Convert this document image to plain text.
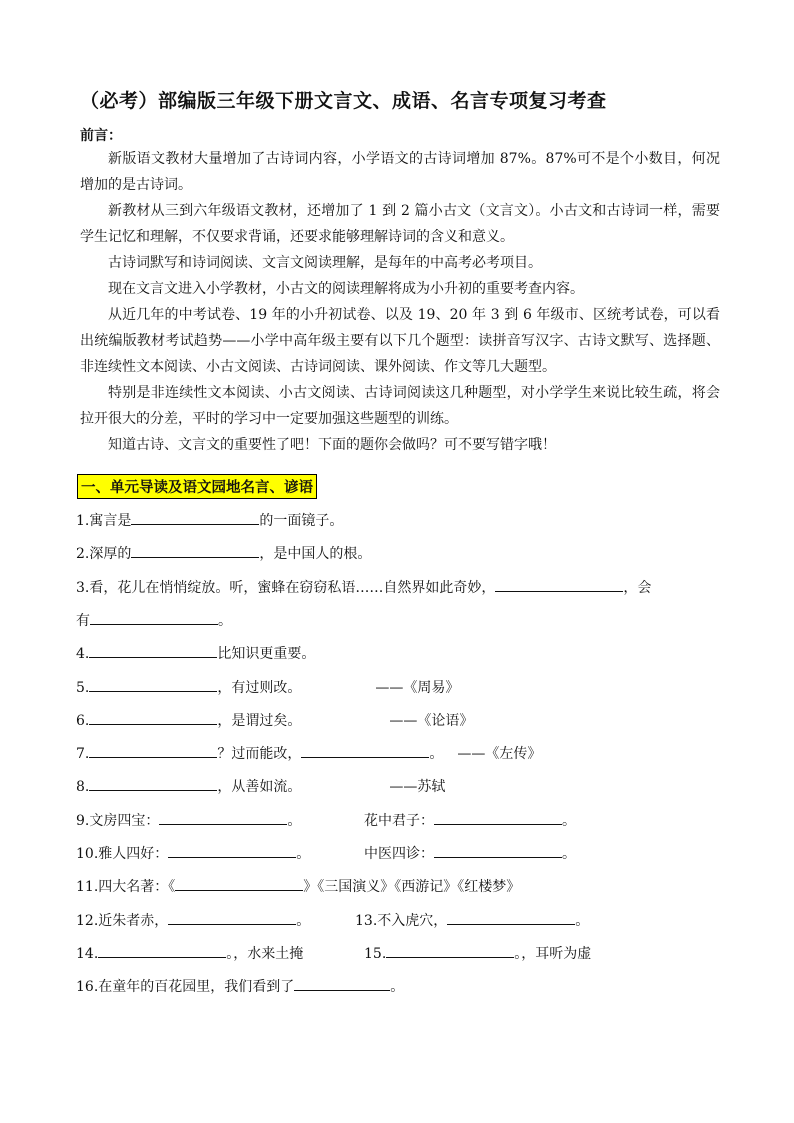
（必考）部编版三年级下册文言文、成语、名言专项复习考查
前言：

新版语文教材大量增加了古诗词内容，小学语文的古诗词增加 87%。87%可不是个小数目，何况增加的是古诗词。

新教材从三到六年级语文教材，还增加了 1 到 2 篇小古文（文言文）。小古文和古诗词一样，需要学生记忆和理解，不仅要求背诵，还要求能够理解诗词的含义和意义。

古诗词默写和诗词阅读、文言文阅读理解，是每年的中高考必考项目。

现在文言文进入小学教材，小古文的阅读理解将成为小升初的重要考查内容。

从近几年的中考试卷、19 年的小升初试卷、以及 19、20 年 3 到 6 年级市、区统考试卷，可以看出统编版教材考试趋势——小学中高年级主要有以下几个题型：读拼音写汉字、古诗文默写、选择题、非连续性文本阅读、小古文阅读、古诗词阅读、课外阅读、作文等几大题型。

特别是非连续性文本阅读、小古文阅读、古诗词阅读这几种题型，对小学学生来说比较生疏，将会拉开很大的分差，平时的学习中一定要加强这些题型的训练。

知道古诗、文言文的重要性了吧！下面的题你会做吗？可不要写错字哦！

一、单元导读及语文园地名言、谚语
1.寓言是	的一面镜子。
2.深厚的	，是中国人的根。
3.看，花儿在悄悄绽放。听，蜜蜂在窃窃私语……自然界如此奇妙，	，会
有	。
4.	比知识更重要。
5.	，有过则改。	——《周易》
6.	，是谓过矣。	——《论语》
7.	？过而能改，	。 ——《左传》
8.	，从善如流。	——苏轼
9.文房四宝：	。	花中君子：	。
10.雅人四好：	。	中医四诊：	。
11.四大名著：《	》《三国演义》《西游记》《红楼梦》
12.近朱者赤，	。	13.不入虎穴，	。
14.	。，水来土掩	15.	。，耳听为虚
16.在童年的百花园里，我们看到了	。
